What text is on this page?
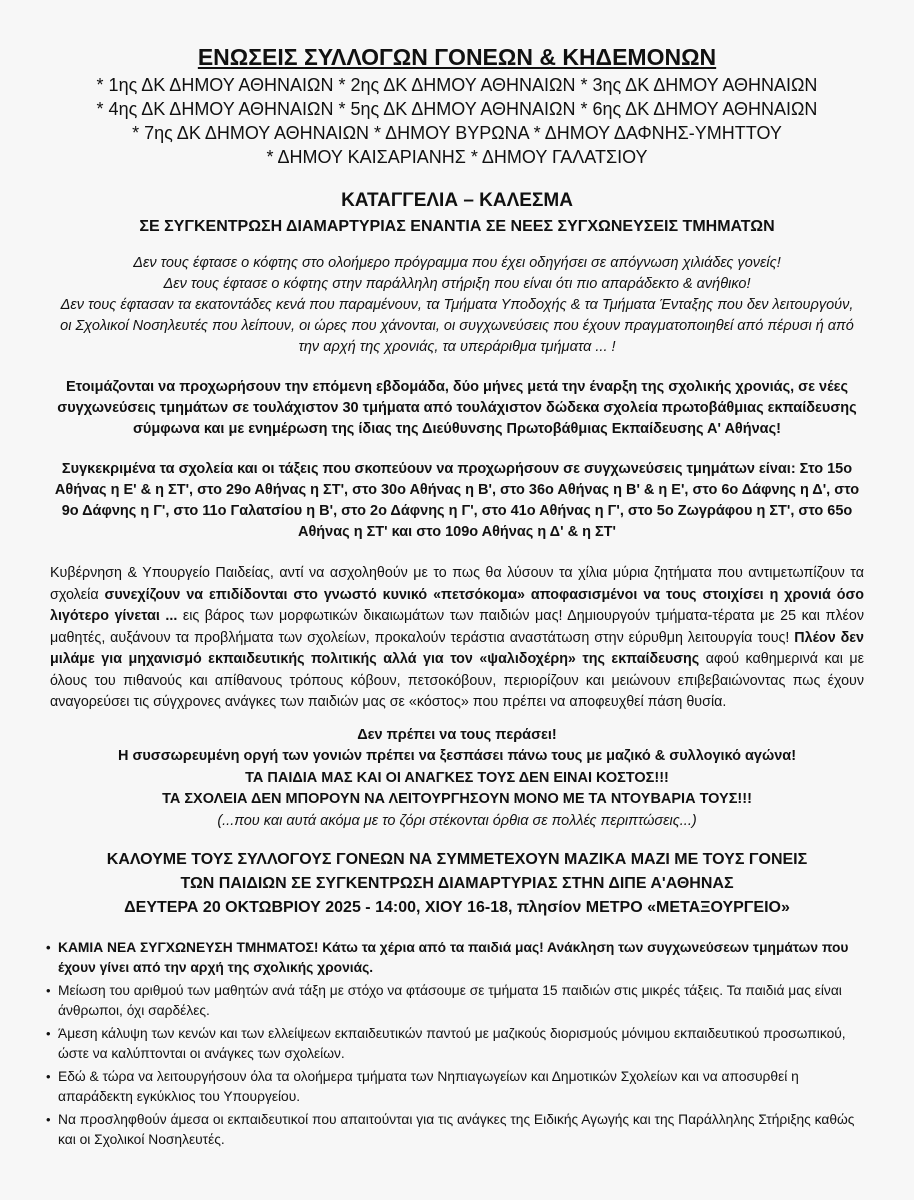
ΕΝΩΣΕΙΣ ΣΥΛΛΟΓΩΝ ΓΟΝΕΩΝ & ΚΗΔΕΜΟΝΩΝ
* 1ης ΔΚ ΔΗΜΟΥ ΑΘΗΝΑΙΩΝ * 2ης ΔΚ ΔΗΜΟΥ ΑΘΗΝΑΙΩΝ * 3ης ΔΚ ΔΗΜΟΥ ΑΘΗΝΑΙΩΝ
* 4ης ΔΚ ΔΗΜΟΥ ΑΘΗΝΑΙΩΝ * 5ης ΔΚ ΔΗΜΟΥ ΑΘΗΝΑΙΩΝ * 6ης ΔΚ ΔΗΜΟΥ ΑΘΗΝΑΙΩΝ
* 7ης ΔΚ ΔΗΜΟΥ ΑΘΗΝΑΙΩΝ * ΔΗΜΟΥ ΒΥΡΩΝΑ * ΔΗΜΟΥ ΔΑΦΝΗΣ-ΥΜΗΤΤΟΥ
* ΔΗΜΟΥ ΚΑΙΣΑΡΙΑΝΗΣ * ΔΗΜΟΥ ΓΑΛΑΤΣΙΟΥ
ΚΑΤΑΓΓΕΛΙΑ – ΚΑΛΕΣΜΑ
ΣΕ ΣΥΓΚΕΝΤΡΩΣΗ ΔΙΑΜΑΡΤΥΡΙΑΣ ΕΝΑΝΤΙΑ ΣΕ ΝΕΕΣ ΣΥΓΧΩΝΕΥΣΕΙΣ ΤΜΗΜΑΤΩΝ
Δεν τους έφτασε ο κόφτης στο ολοήμερο πρόγραμμα που έχει οδηγήσει σε απόγνωση χιλιάδες γονείς!
Δεν τους έφτασε ο κόφτης στην παράλληλη στήριξη που είναι ότι πιο απαράδεκτο & ανήθικο!
Δεν τους έφτασαν τα εκατοντάδες κενά που παραμένουν, τα Τμήματα Υποδοχής & τα Τμήματα Ένταξης που δεν λειτουργούν, οι Σχολικοί Νοσηλευτές που λείπουν, οι ώρες που χάνονται, οι συγχωνεύσεις που έχουν πραγματοποιηθεί από πέρυσι ή από την αρχή της χρονιάς, τα υπεράριθμα τμήματα ... !
Ετοιμάζονται να προχωρήσουν την επόμενη εβδομάδα, δύο μήνες μετά την έναρξη της σχολικής χρονιάς, σε νέες συγχωνεύσεις τμημάτων σε τουλάχιστον 30 τμήματα από τουλάχιστον δώδεκα σχολεία πρωτοβάθμιας εκπαίδευσης σύμφωνα και με ενημέρωση της ίδιας της Διεύθυνσης Πρωτοβάθμιας Εκπαίδευσης Α' Αθήνας!
Συγκεκριμένα τα σχολεία και οι τάξεις που σκοπεύουν να προχωρήσουν σε συγχωνεύσεις τμημάτων είναι: Στο 15ο Αθήνας η Ε' & η ΣΤ', στο 29ο Αθήνας η ΣΤ', στο 30ο Αθήνας η Β', στο 36ο Αθήνας η Β' & η Ε', στο 6ο Δάφνης η Δ', στο 9ο Δάφνης η Γ', στο 11ο Γαλατσίου η Β', στο 2ο Δάφνης η Γ', στο 41ο Αθήνας η Γ', στο 5ο Ζωγράφου η ΣΤ', στο 65ο Αθήνας η ΣΤ' και στο 109ο Αθήνας η Δ' & η ΣΤ'
Κυβέρνηση & Υπουργείο Παιδείας, αντί να ασχοληθούν με το πως θα λύσουν τα χίλια μύρια ζητήματα που αντιμετωπίζουν τα σχολεία συνεχίζουν να επιδίδονται στο γνωστό κυνικό «πετσόκομα» αποφασισμένοι να τους στοιχίσει η χρονιά όσο λιγότερο γίνεται ... εις βάρος των μορφωτικών δικαιωμάτων των παιδιών μας! Δημιουργούν τμήματα-τέρατα με 25 και πλέον μαθητές, αυξάνουν τα προβλήματα των σχολείων, προκαλούν τεράστια αναστάτωση στην εύρυθμη λειτουργία τους! Πλέον δεν μιλάμε για μηχανισμό εκπαιδευτικής πολιτικής αλλά για τον «ψαλιδοχέρη» της εκπαίδευσης αφού καθημερινά και με όλους του πιθανούς και απίθανους τρόπους κόβουν, πετσοκόβουν, περιορίζουν και μειώνουν επιβεβαιώνοντας πως έχουν αναγορεύσει τις σύγχρονες ανάγκες των παιδιών μας σε «κόστος» που πρέπει να αποφευχθεί πάση θυσία.
Δεν πρέπει να τους περάσει!
Η συσσωρευμένη οργή των γονιών πρέπει να ξεσπάσει πάνω τους με μαζικό & συλλογικό αγώνα!
ΤΑ ΠΑΙΔΙΑ ΜΑΣ ΚΑΙ ΟΙ ΑΝΑΓΚΕΣ ΤΟΥΣ ΔΕΝ ΕΙΝΑΙ ΚΟΣΤΟΣ!!!
ΤΑ ΣΧΟΛΕΙΑ ΔΕΝ ΜΠΟΡΟΥΝ ΝΑ ΛΕΙΤΟΥΡΓΗΣΟΥΝ ΜΟΝΟ ΜΕ ΤΑ ΝΤΟΥΒΑΡΙΑ ΤΟΥΣ!!!
(...που και αυτά ακόμα με το ζόρι στέκονται όρθια σε πολλές περιπτώσεις...)
ΚΑΛΟΥΜΕ ΤΟΥΣ ΣΥΛΛΟΓΟΥΣ ΓΟΝΕΩΝ ΝΑ ΣΥΜΜΕΤΕΧΟΥΝ ΜΑΖΙΚΑ ΜΑΖΙ ΜΕ ΤΟΥΣ ΓΟΝΕΙΣ
ΤΩΝ ΠΑΙΔΙΩΝ ΣΕ ΣΥΓΚΕΝΤΡΩΣΗ ΔΙΑΜΑΡΤΥΡΙΑΣ ΣΤΗΝ ΔΙΠΕ Α'ΑΘΗΝΑΣ
ΔΕΥΤΕΡΑ 20 ΟΚΤΩΒΡΙΟΥ 2025 - 14:00, ΧΙΟΥ 16-18, πλησίον ΜΕΤΡΟ «ΜΕΤΑΞΟΥΡΓΕΙΟ»
• ΚΑΜΙΑ ΝΕΑ ΣΥΓΧΩΝΕΥΣΗ ΤΜΗΜΑΤΟΣ! Κάτω τα χέρια από τα παιδιά μας! Ανάκληση των συγχωνεύσεων τμημάτων που έχουν γίνει από την αρχή της σχολικής χρονιάς.
• Μείωση του αριθμού των μαθητών ανά τάξη με στόχο να φτάσουμε σε τμήματα 15 παιδιών στις μικρές τάξεις. Τα παιδιά μας είναι άνθρωποι, όχι σαρδέλες.
• Άμεση κάλυψη των κενών και των ελλείψεων εκπαιδευτικών παντού με μαζικούς διορισμούς μόνιμου εκπαιδευτικού προσωπικού, ώστε να καλύπτονται οι ανάγκες των σχολείων.
• Εδώ & τώρα να λειτουργήσουν όλα τα ολοήμερα τμήματα των Νηπιαγωγείων και Δημοτικών Σχολείων και να αποσυρθεί η απαράδεκτη εγκύκλιος του Υπουργείου.
• Να προσληφθούν άμεσα οι εκπαιδευτικοί που απαιτούνται για τις ανάγκες της Ειδικής Αγωγής και της Παράλληλης Στήριξης καθώς και οι Σχολικοί Νοσηλευτές.
